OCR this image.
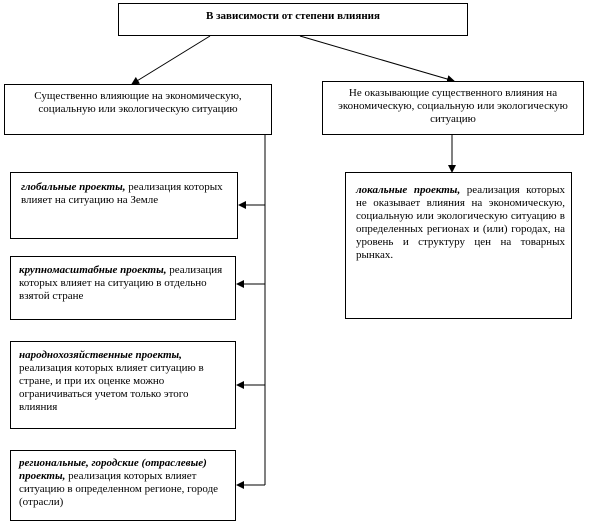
В зависимости от степени влияния
Существенно влияющие на экономическую, социальную или экологическую ситуацию
Не оказывающие существенного влияния на экономическую, социальную или экологическую ситуацию
глобальные проекты, реализация которых влияет на ситуацию на Земле
крупномасштабные проекты, реализация которых влияет на ситуацию в отдельно взятой стране
народнохозяйственные проекты, реализация которых влияет ситуацию в стране, и при их оценке можно ограничиваться учетом только этого влияния
региональные, городские (отраслевые) проекты, реализация которых влияет ситуацию в определенном регионе, городе (отрасли)
локальные проекты, реализация которых не оказывает влияния на экономическую, социальную или экологическую ситуацию в определенных регионах и (или) городах, на уровень и структуру цен на товарных рынках.
